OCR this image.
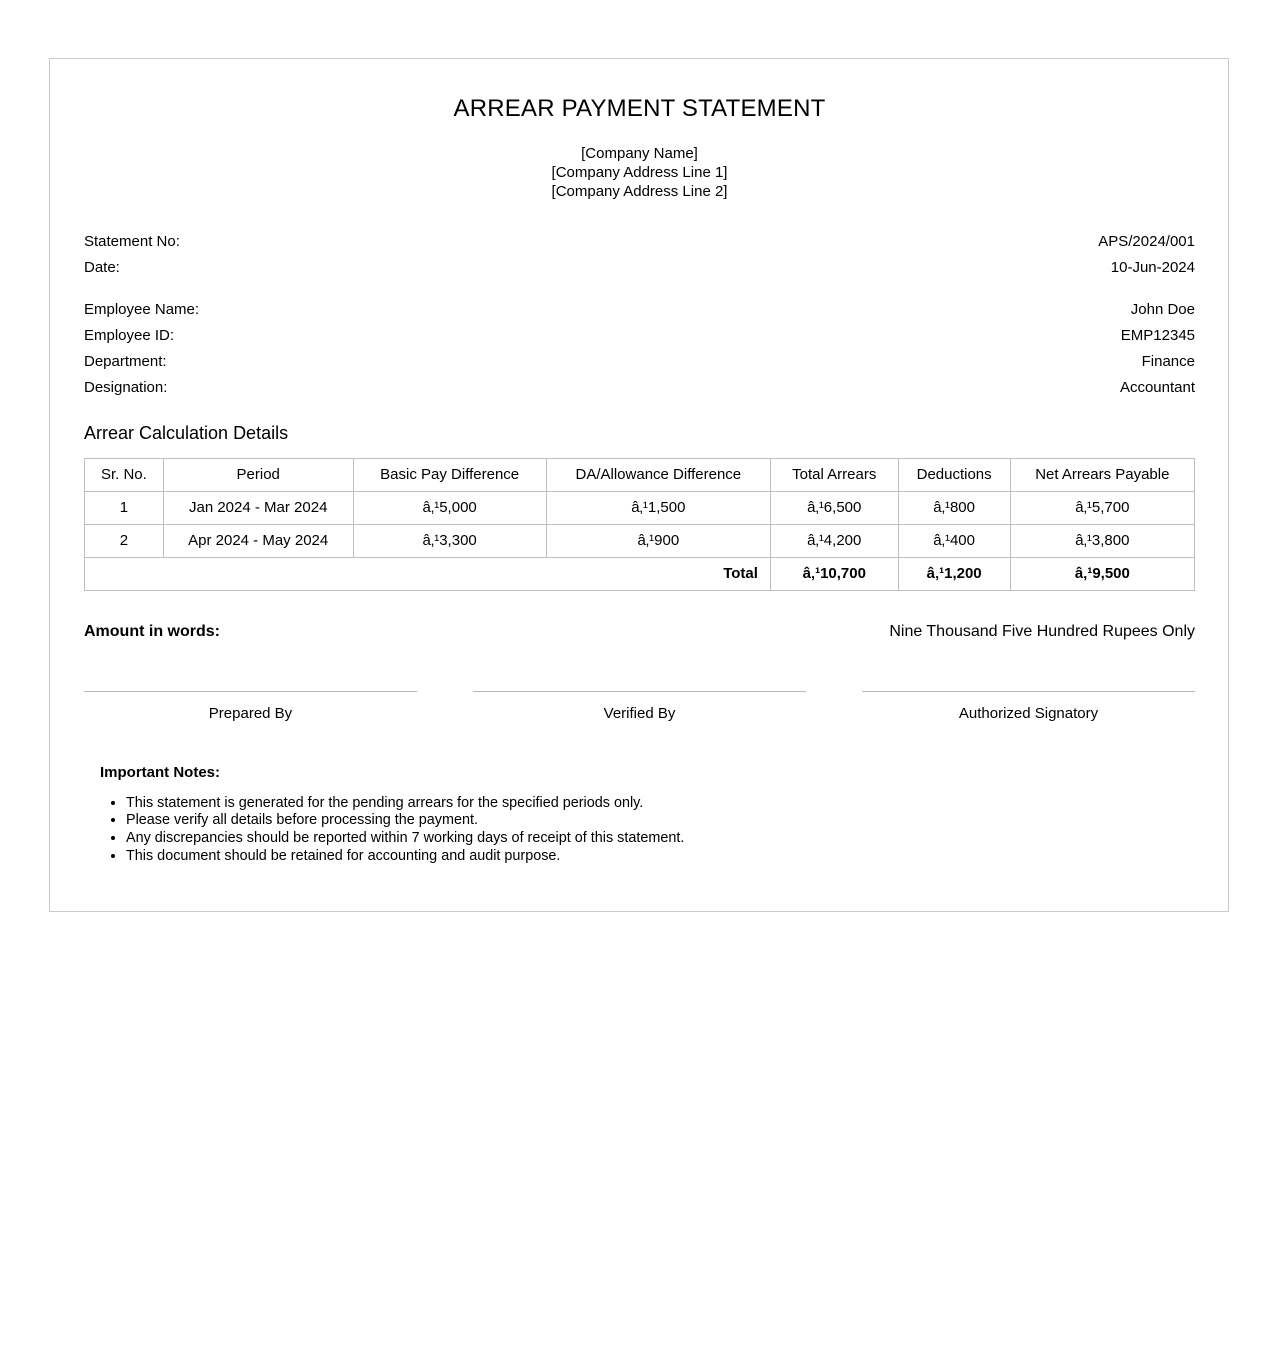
ARREAR PAYMENT STATEMENT
[Company Name]
[Company Address Line 1]
[Company Address Line 2]
Statement No:	APS/2024/001
Date:	10-Jun-2024
Employee Name:	John Doe
Employee ID:	EMP12345
Department:	Finance
Designation:	Accountant
Arrear Calculation Details
Sr. No.	Period	Basic Pay Difference	DA/Allowance Difference	Total Arrears	Deductions	Net Arrears Payable
1	Jan 2024 - Mar 2024	â‚¹5,000	â‚¹1,500	â‚¹6,500	â‚¹800	â‚¹5,700
2	Apr 2024 - May 2024	â‚¹3,300	â‚¹900	â‚¹4,200	â‚¹400	â‚¹3,800
Total				â‚¹10,700	â‚¹1,200	â‚¹9,500
Amount in words:	Nine Thousand Five Hundred Rupees Only
Prepared By	Verified By	Authorized Signatory
Important Notes:
• This statement is generated for the pending arrears for the specified periods only.
• Please verify all details before processing the payment.
• Any discrepancies should be reported within 7 working days of receipt of this statement.
• This document should be retained for accounting and audit purpose.
